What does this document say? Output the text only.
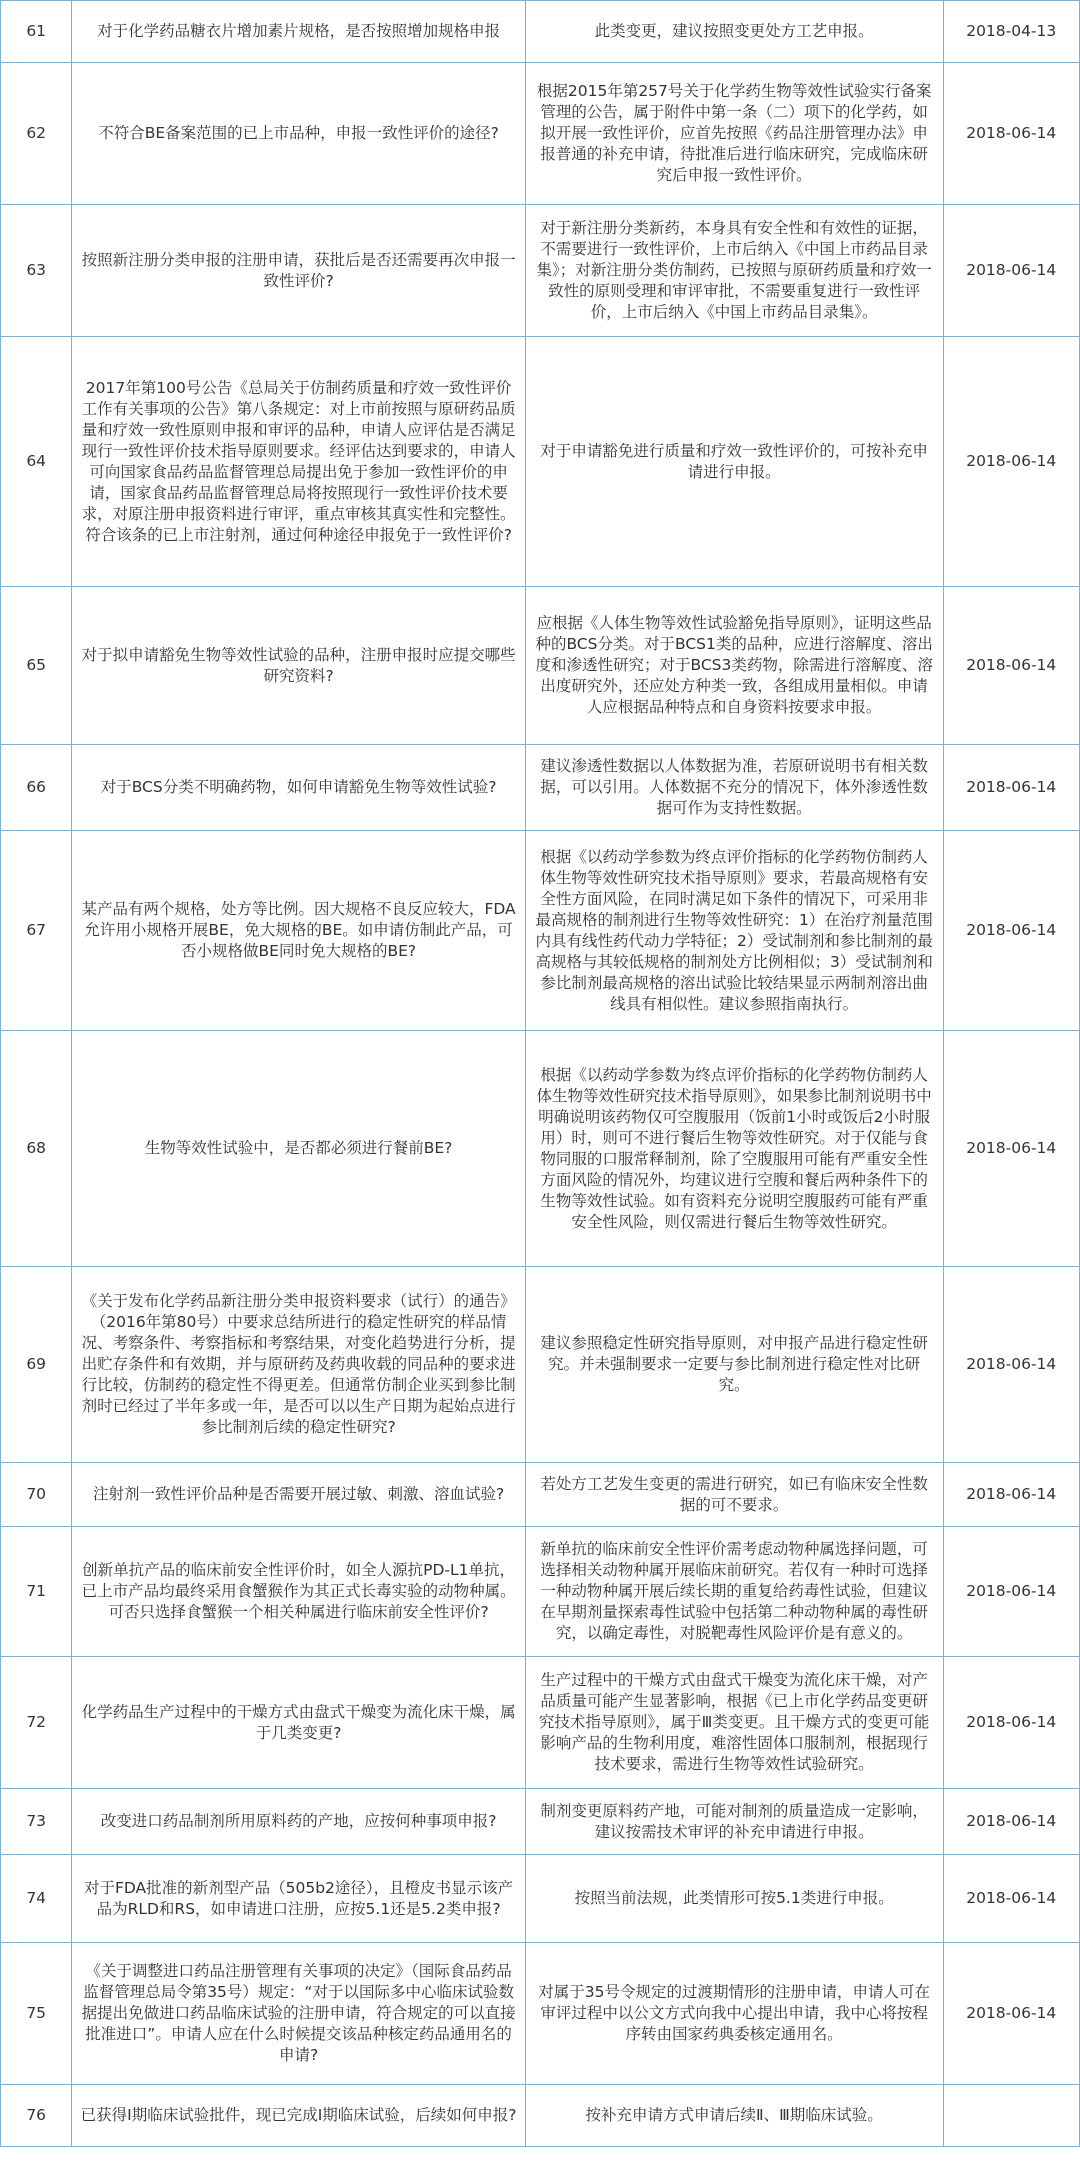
61	对于化学药品糖衣片增加素片规格，是否按照增加规格申报	此类变更，建议按照变更处方工艺申报。	2018-04-13
62	不符合BE备案范围的已上市品种，申报一致性评价的途径?	根据2015年第257号关于化学药生物等效性试验实行备案管理的公告，属于附件中第一条（二）项下的化学药，如拟开展一致性评价，应首先按照《药品注册管理办法》申报普通的补充申请，待批准后进行临床研究，完成临床研究后申报一致性评价。	2018-06-14
63	按照新注册分类申报的注册申请，获批后是否还需要再次申报一致性评价?	对于新注册分类新药，本身具有安全性和有效性的证据，不需要进行一致性评价，上市后纳入《中国上市药品目录集》；对新注册分类仿制药，已按照与原研药质量和疗效一致性的原则受理和审评审批，不需要重复进行一致性评价，上市后纳入《中国上市药品目录集》。	2018-06-14
64	2017年第100号公告《总局关于仿制药质量和疗效一致性评价工作有关事项的公告》第八条规定：对上市前按照与原研药品质量和疗效一致性原则申报和审评的品种，申请人应评估是否满足现行一致性评价技术指导原则要求。经评估达到要求的，申请人可向国家食品药品监督管理总局提出免于参加一致性评价的申请，国家食品药品监督管理总局将按照现行一致性评价技术要求，对原注册申报资料进行审评，重点审核其真实性和完整性。符合该条的已上市注射剂，通过何种途径申报免于一致性评价?	对于申请豁免进行质量和疗效一致性评价的，可按补充申请进行申报。	2018-06-14
65	对于拟申请豁免生物等效性试验的品种，注册申报时应提交哪些研究资料?	应根据《人体生物等效性试验豁免指导原则》，证明这些品种的BCS分类。对于BCS1类的品种，应进行溶解度、溶出度和渗透性研究；对于BCS3类药物，除需进行溶解度、溶出度研究外，还应处方种类一致，各组成用量相似。申请人应根据品种特点和自身资料按要求申报。	2018-06-14
66	对于BCS分类不明确药物，如何申请豁免生物等效性试验?	建议渗透性数据以人体数据为准，若原研说明书有相关数据，可以引用。人体数据不充分的情况下，体外渗透性数据可作为支持性数据。	2018-06-14
67	某产品有两个规格，处方等比例。因大规格不良反应较大，FDA允许用小规格开展BE，免大规格的BE。如申请仿制此产品，可否小规格做BE同时免大规格的BE?	根据《以药动学参数为终点评价指标的化学药物仿制药人体生物等效性研究技术指导原则》要求，若最高规格有安全性方面风险，在同时满足如下条件的情况下，可采用非最高规格的制剂进行生物等效性研究：1）在治疗剂量范围内具有线性药代动力学特征；2）受试制剂和参比制剂的最高规格与其较低规格的制剂处方比例相似；3）受试制剂和参比制剂最高规格的溶出试验比较结果显示两制剂溶出曲线具有相似性。建议参照指南执行。	2018-06-14
68	生物等效性试验中，是否都必须进行餐前BE?	根据《以药动学参数为终点评价指标的化学药物仿制药人体生物等效性研究技术指导原则》，如果参比制剂说明书中明确说明该药物仅可空腹服用（饭前1小时或饭后2小时服用）时，则可不进行餐后生物等效性研究。对于仅能与食物同服的口服常释制剂，除了空腹服用可能有严重安全性方面风险的情况外，均建议进行空腹和餐后两种条件下的生物等效性试验。如有资料充分说明空腹服药可能有严重安全性风险，则仅需进行餐后生物等效性研究。	2018-06-14
69	《关于发布化学药品新注册分类申报资料要求（试行）的通告》（2016年第80号）中要求总结所进行的稳定性研究的样品情况、考察条件、考察指标和考察结果，对变化趋势进行分析，提出贮存条件和有效期，并与原研药及药典收载的同品种的要求进行比较，仿制药的稳定性不得更差。但通常仿制企业买到参比制剂时已经过了半年多或一年，是否可以以生产日期为起始点进行参比制剂后续的稳定性研究?	建议参照稳定性研究指导原则，对申报产品进行稳定性研究。并未强制要求一定要与参比制剂进行稳定性对比研究。	2018-06-14
70	注射剂一致性评价品种是否需要开展过敏、刺激、溶血试验?	若处方工艺发生变更的需进行研究，如已有临床安全性数据的可不要求。	2018-06-14
71	创新单抗产品的临床前安全性评价时，如全人源抗PD-L1单抗，已上市产品均最终采用食蟹猴作为其正式长毒实验的动物种属。可否只选择食蟹猴一个相关种属进行临床前安全性评价?	新单抗的临床前安全性评价需考虑动物种属选择问题，可选择相关动物种属开展临床前研究。若仅有一种时可选择一种动物种属开展后续长期的重复给药毒性试验，但建议在早期剂量探索毒性试验中包括第二种动物种属的毒性研究，以确定毒性，对脱靶毒性风险评价是有意义的。	2018-06-14
72	化学药品生产过程中的干燥方式由盘式干燥变为流化床干燥，属于几类变更?	生产过程中的干燥方式由盘式干燥变为流化床干燥，对产品质量可能产生显著影响，根据《已上市化学药品变更研究技术指导原则》，属于Ⅲ类变更。且干燥方式的变更可能影响产品的生物利用度，难溶性固体口服制剂，根据现行技术要求，需进行生物等效性试验研究。	2018-06-14
73	改变进口药品制剂所用原料药的产地，应按何种事项申报?	制剂变更原料药产地，可能对制剂的质量造成一定影响，建议按需技术审评的补充申请进行申报。	2018-06-14
74	对于FDA批准的新剂型产品（505b2途径），且橙皮书显示该产品为RLD和RS，如申请进口注册，应按5.1还是5.2类申报?	按照当前法规，此类情形可按5.1类进行申报。	2018-06-14
75	《关于调整进口药品注册管理有关事项的决定》（国际食品药品监督管理总局令第35号）规定：“对于以国际多中心临床试验数据提出免做进口药品临床试验的注册申请，符合规定的可以直接批准进口”。申请人应在什么时候提交该品种核定药品通用名的申请?	对属于35号令规定的过渡期情形的注册申请，申请人可在审评过程中以公文方式向我中心提出申请，我中心将按程序转由国家药典委核定通用名。	2018-06-14
76	已获得I期临床试验批件，现已完成Ⅰ期临床试验，后续如何申报?	按补充申请方式申请后续Ⅱ、Ⅲ期临床试验。	
